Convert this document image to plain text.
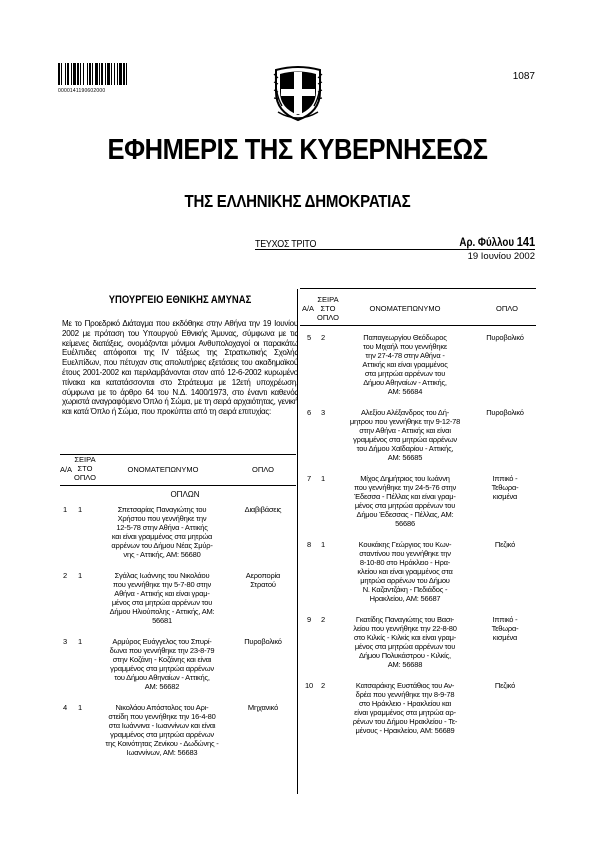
0000141190602000
1087
ΕΦΗΜΕΡΙΣ ΤΗΣ ΚΥΒΕΡΝΗΣΕΩΣ
ΤΗΣ ΕΛΛΗΝΙΚΗΣ ΔΗΜΟΚΡΑΤΙΑΣ
ΤΕΥΧΟΣ ΤΡΙΤΟ	Αρ. Φύλλου 141
19 Ιουνίου 2002
ΥΠΟΥΡΓΕΙΟ ΕΘΝΙΚΗΣ ΑΜΥΝΑΣ
Με το Προεδρικό Διάταγμα που εκδόθηκε στην Αθήνα την 19 Ιουνίου 2002 με πρόταση του Υπουργού Εθνικής Άμυνας, σύμφωνα με τις κείμενες διατάξεις, ονομάζονται μόνιμοι Ανθυπολοχαγοί οι παρακάτω Ευέλπιδες απόφοιτοι της IV τάξεως της Στρατιωτικής Σχολής Ευελπίδων, που πέτυχαν στις απολυτήριες εξετάσεις του ακαδημαϊκού έτους 2001-2002 και περιλαμβάνονται στον από 12-6-2002 κυρωμένο πίνακα και κατατάσσονται στο Στράτευμα με 12ετή υποχρέωση, σύμφωνα με το άρθρο 64 του Ν.Δ. 1400/1973, στο έναντι καθενός χωριστά αναγραφόμενο Όπλο ή Σώμα, με τη σειρά αρχαιότητας, γενική και κατά Όπλο ή Σώμα, που προκύπτει από τη σειρά επιτυχίας:
Α/Α
ΣΕΙΡΑ
ΣΤΟ
ΟΠΛΟ
ΟΝΟΜΑΤΕΠΩΝΥΜΟ	ΟΠΛΟ
ΟΠΛΩΝ
1	1	Σπετσαρίας Παναγιώτης του
Χρήστου που γεννήθηκε την
12-5-78 στην Αθήνα - Αττικής
και είναι γραμμένος στα μητρώα
αρρένων του Δήμου Νέας Σμύρ-
νης - Αττικής, ΑΜ: 56680
Διαβιβάσεις
2	1	Σγάλας Ιωάννης του Νικολάου
που γεννήθηκε την 5-7-80 στην
Αθήνα - Αττικής και είναι γραμ-
μένος στα μητρώα αρρένων του
Δήμου Ηλιούπολης - Αττικής, ΑΜ:
56681
Αεροπορία
Στρατού
3	1	Αρμύρος Ευάγγελος του Σπυρί-
δωνα που γεννήθηκε την 23-8-79
στην Κοζάνη - Κοζάνης και είναι
γραμμένος στα μητρώα αρρένων
του Δήμου Αθηναίων - Αττικής,
ΑΜ: 56682
Πυροβολικό
4	1	Νικολάου Απόστολος του Αρι-
στείδη που γεννήθηκε την 16-4-80
στα Ιωάννινα - Ιωαννίνων και είναι
γραμμένος στα μητρώα αρρένων
της Κοινότητας Ζενίκου - Δωδώνης -
Ιωαννίνων, ΑΜ: 56683
Μηχανικό
Α/Α
ΣΕΙΡΑ
ΣΤΟ
ΟΠΛΟ
ΟΝΟΜΑΤΕΠΩΝΥΜΟ	ΟΠΛΟ
5	2	Παπαγεωργίου Θεόδωρος
του Μιχαήλ που γεννήθηκε
την 27-4-78 στην Αθήνα -
Αττικής και είναι γραμμένος
στα μητρώα αρρένων του
Δήμου Αθηναίων - Αττικής,
ΑΜ: 56684
Πυροβολικό
6	3	Αλεξίου Αλέξανδρος του Δή-
μητρου που γεννήθηκε την 9-12-78
στην Αθήνα - Αττικής και είναι
γραμμένος στα μητρώα αρρένων
του Δήμου Χαϊδαρίου - Αττικής,
ΑΜ: 56685
Πυροβολικό
7	1	Μίχος Δημήτριος του Ιωάννη
που γεννήθηκε την 24-5-76 στην
Έδεσσα - Πέλλας και είναι γραμ-
μένος στα μητρώα αρρένων του
Δήμου Έδεσσας - Πέλλας, ΑΜ:
56686
Ιππικό -
Τεθωρα-
κισμένα
8	1	Κουκάκης Γεώργιος του Κων-
σταντίνου που γεννήθηκε την
8-10-80 στο Ηράκλειο - Ηρα-
κλείου και είναι γραμμένος στα
μητρώα αρρένων του Δήμου
Ν. Καζαντζάκη - Πεδιάδος -
Ηρακλείου, ΑΜ: 56687
Πεζικό
9	2	Γκατίδης Παναγιώτης του Βασι-
λείου που γεννήθηκε την 22-8-80
στο Κιλκίς - Κιλκίς και είναι γραμ-
μένος στα μητρώα αρρένων του
Δήμου Πολυκάστρου - Κιλκίς,
ΑΜ: 56688
Ιππικό -
Τεθωρα-
κισμένα
10	2	Κατσαράκης Ευστάθιος του Αν-
δρέα που γεννήθηκε την 8-9-78
στο Ηράκλειο - Ηρακλείου και
είναι γραμμένος στα μητρώα αρ-
ρένων του Δήμου Ηρακλείου - Τε-
μένους - Ηρακλείου, ΑΜ: 56689
Πεζικό
